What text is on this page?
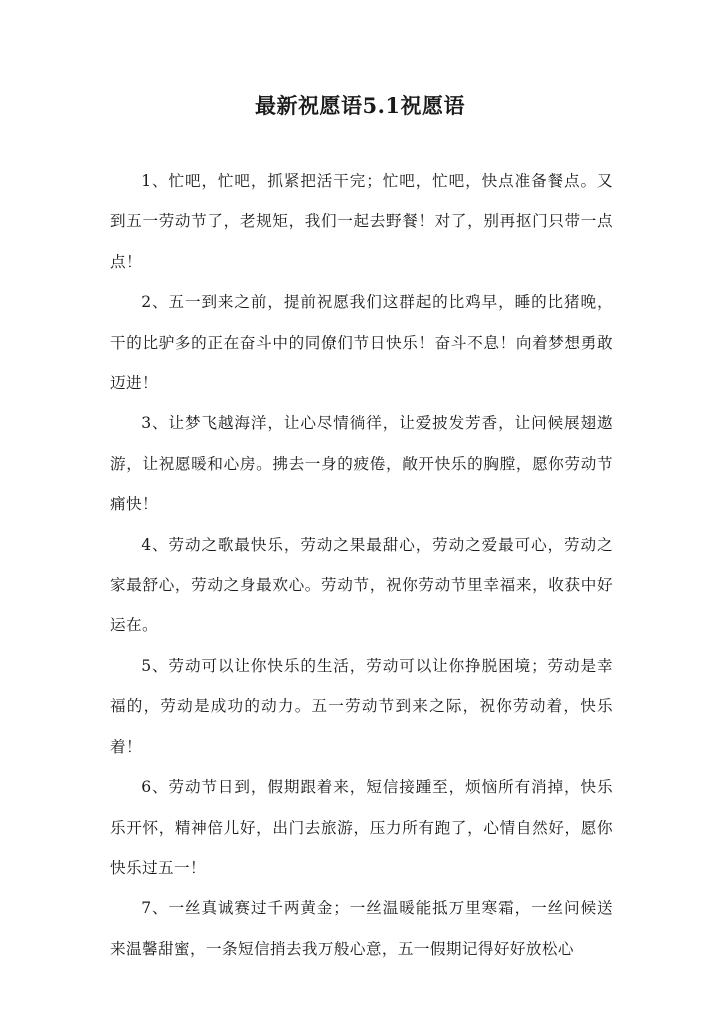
最新祝愿语5.1祝愿语

1、忙吧，忙吧，抓紧把活干完；忙吧，忙吧，快点准备餐点。又到五一劳动节了，老规矩，我们一起去野餐！对了，别再抠门只带一点点！

2、五一到来之前，提前祝愿我们这群起的比鸡早，睡的比猪晚，干的比驴多的正在奋斗中的同僚们节日快乐！奋斗不息！向着梦想勇敢迈进！

3、让梦飞越海洋，让心尽情徜徉，让爱披发芳香，让问候展翅遨游，让祝愿暖和心房。拂去一身的疲倦，敞开快乐的胸膛，愿你劳动节痛快！

4、劳动之歌最快乐，劳动之果最甜心，劳动之爱最可心，劳动之家最舒心，劳动之身最欢心。劳动节，祝你劳动节里幸福来，收获中好运在。

5、劳动可以让你快乐的生活，劳动可以让你挣脱困境；劳动是幸福的，劳动是成功的动力。五一劳动节到来之际，祝你劳动着，快乐着！

6、劳动节日到，假期跟着来，短信接踵至，烦恼所有消掉，快乐乐开怀，精神倍儿好，出门去旅游，压力所有跑了，心情自然好，愿你快乐过五一！

7、一丝真诚赛过千两黄金；一丝温暖能抵万里寒霜，一丝问候送来温馨甜蜜，一条短信捎去我万般心意，五一假期记得好好放松心
